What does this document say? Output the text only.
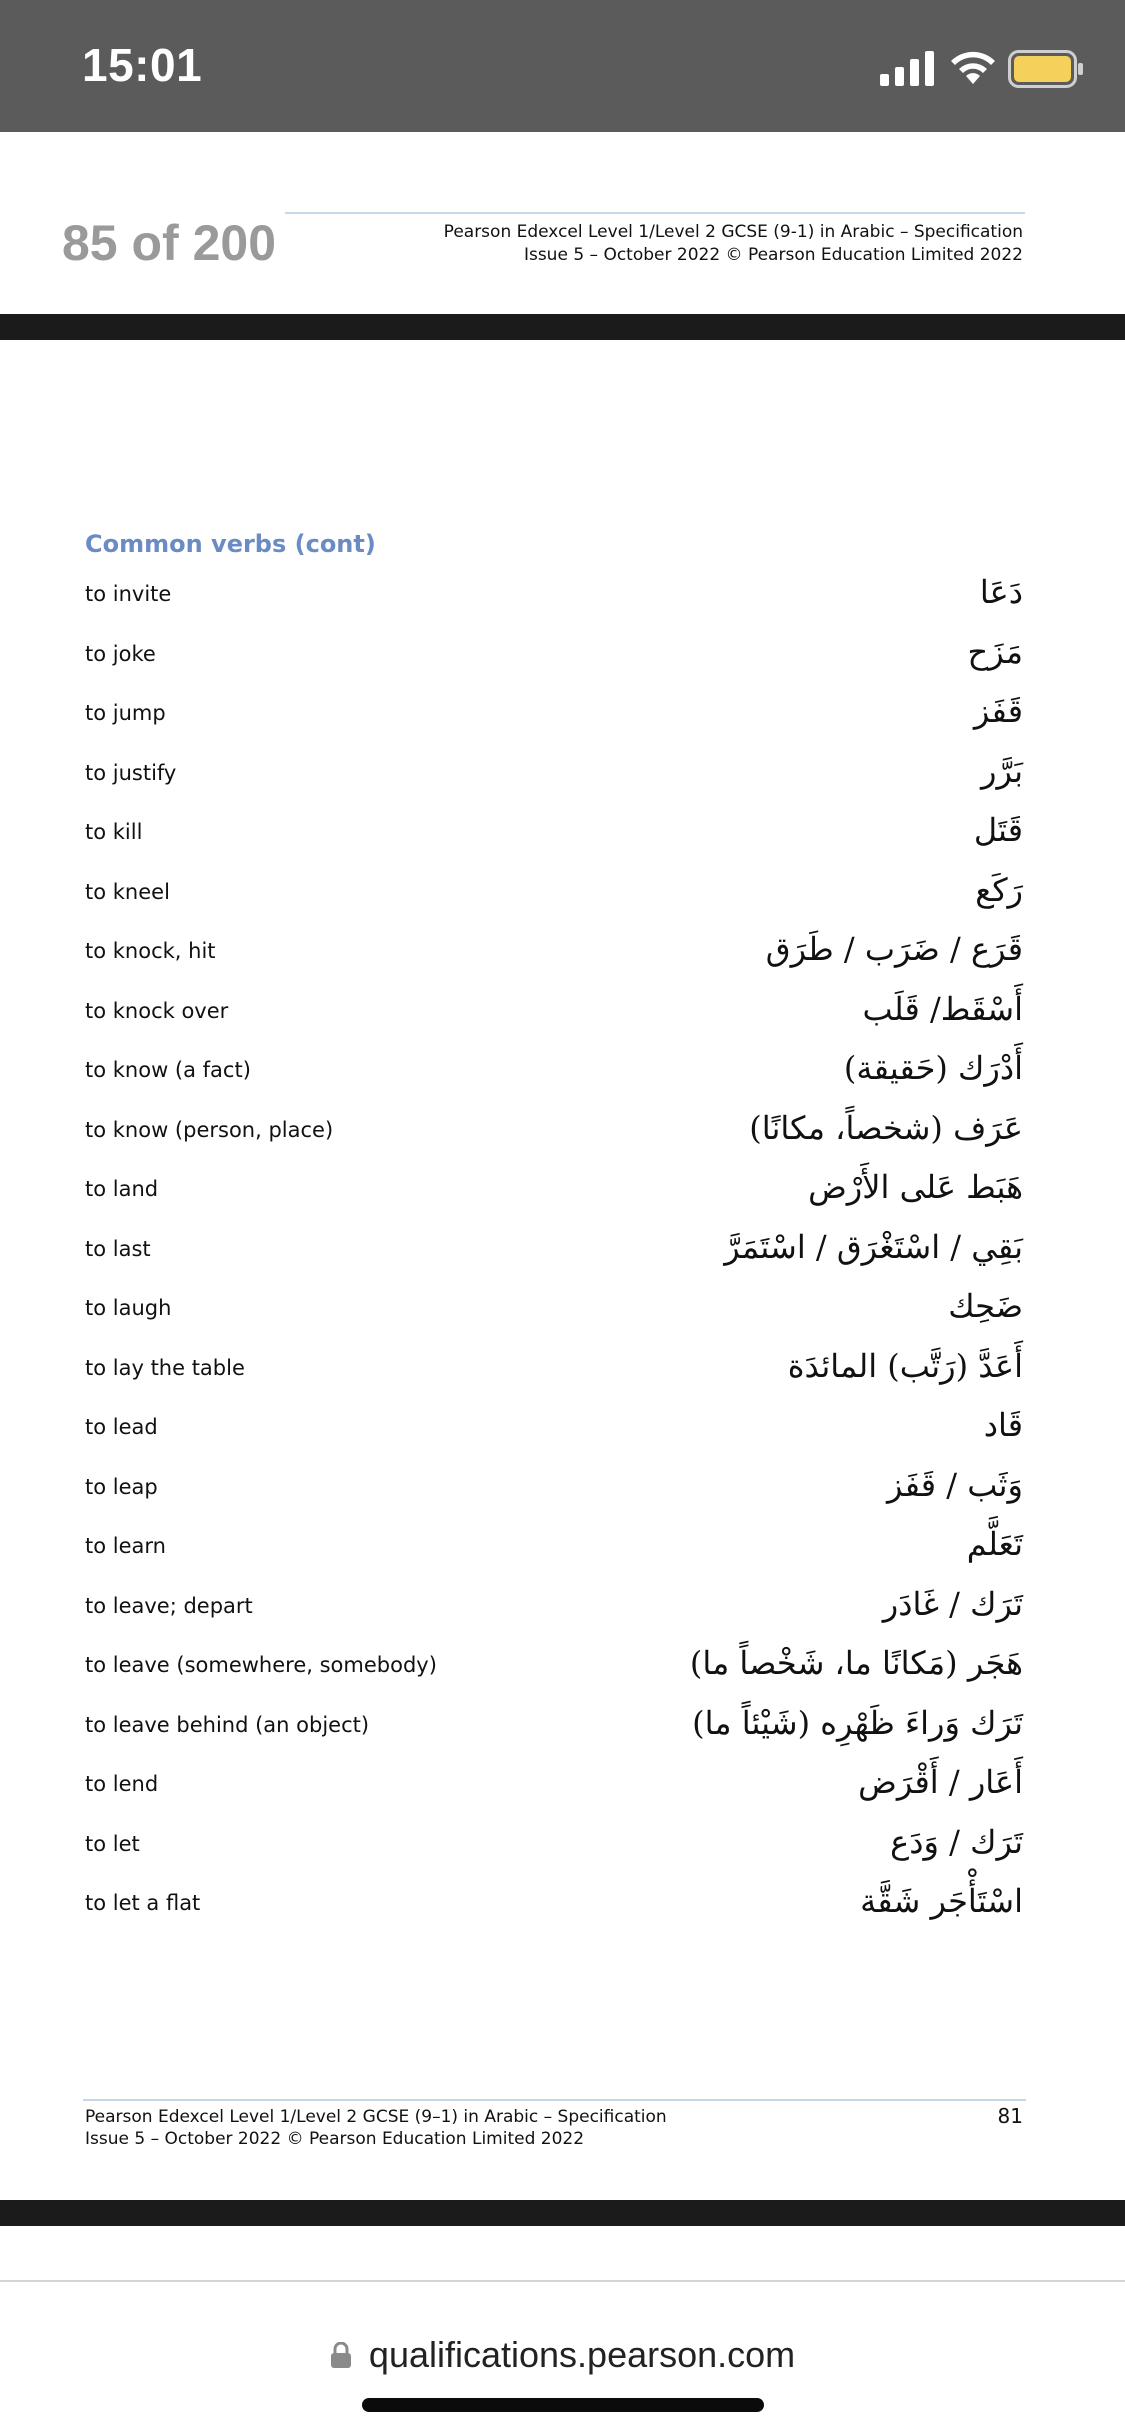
15:01
85 of 200	Pearson Edexcel Level 1/Level 2 GCSE (9-1) in Arabic – Specification
Issue 5 – October 2022 © Pearson Education Limited 2022
Common verbs (cont)
to invite	دَعَا
to joke	مَزَح
to jump	قَفَز
to justify	بَرَّر
to kill	قَتَل
to kneel	رَكَع
to knock, hit	قَرَع / ضَرَب / طَرَق
to knock over	أَسْقَط/ قَلَب
to know (a fact)	أَدْرَك (حَقيقة)
to know (person, place)	عَرَف (شخصاً، مكانًا)
to land	هَبَط عَلى الأَرْض
to last	بَقِي / اسْتَغْرَق / اسْتَمَرَّ
to laugh	ضَحِك
to lay the table	أَعَدَّ (رَتَّب) المائدَة
to lead	قَاد
to leap	وَثَب / قَفَز
to learn	تَعَلَّم
to leave; depart	تَرَك / غَادَر
to leave (somewhere, somebody)	هَجَر (مَكانًا ما، شَخْصاً ما)
to leave behind (an object)	تَرَك وَراءَ ظَهْرِه (شَيْئاً ما)
to lend	أَعَار / أَقْرَض
to let	تَرَك / وَدَع
to let a flat	اسْتَأْجَر شَقَّة
Pearson Edexcel Level 1/Level 2 GCSE (9–1) in Arabic – Specification
Issue 5 – October 2022 © Pearson Education Limited 2022
81
qualifications.pearson.com
